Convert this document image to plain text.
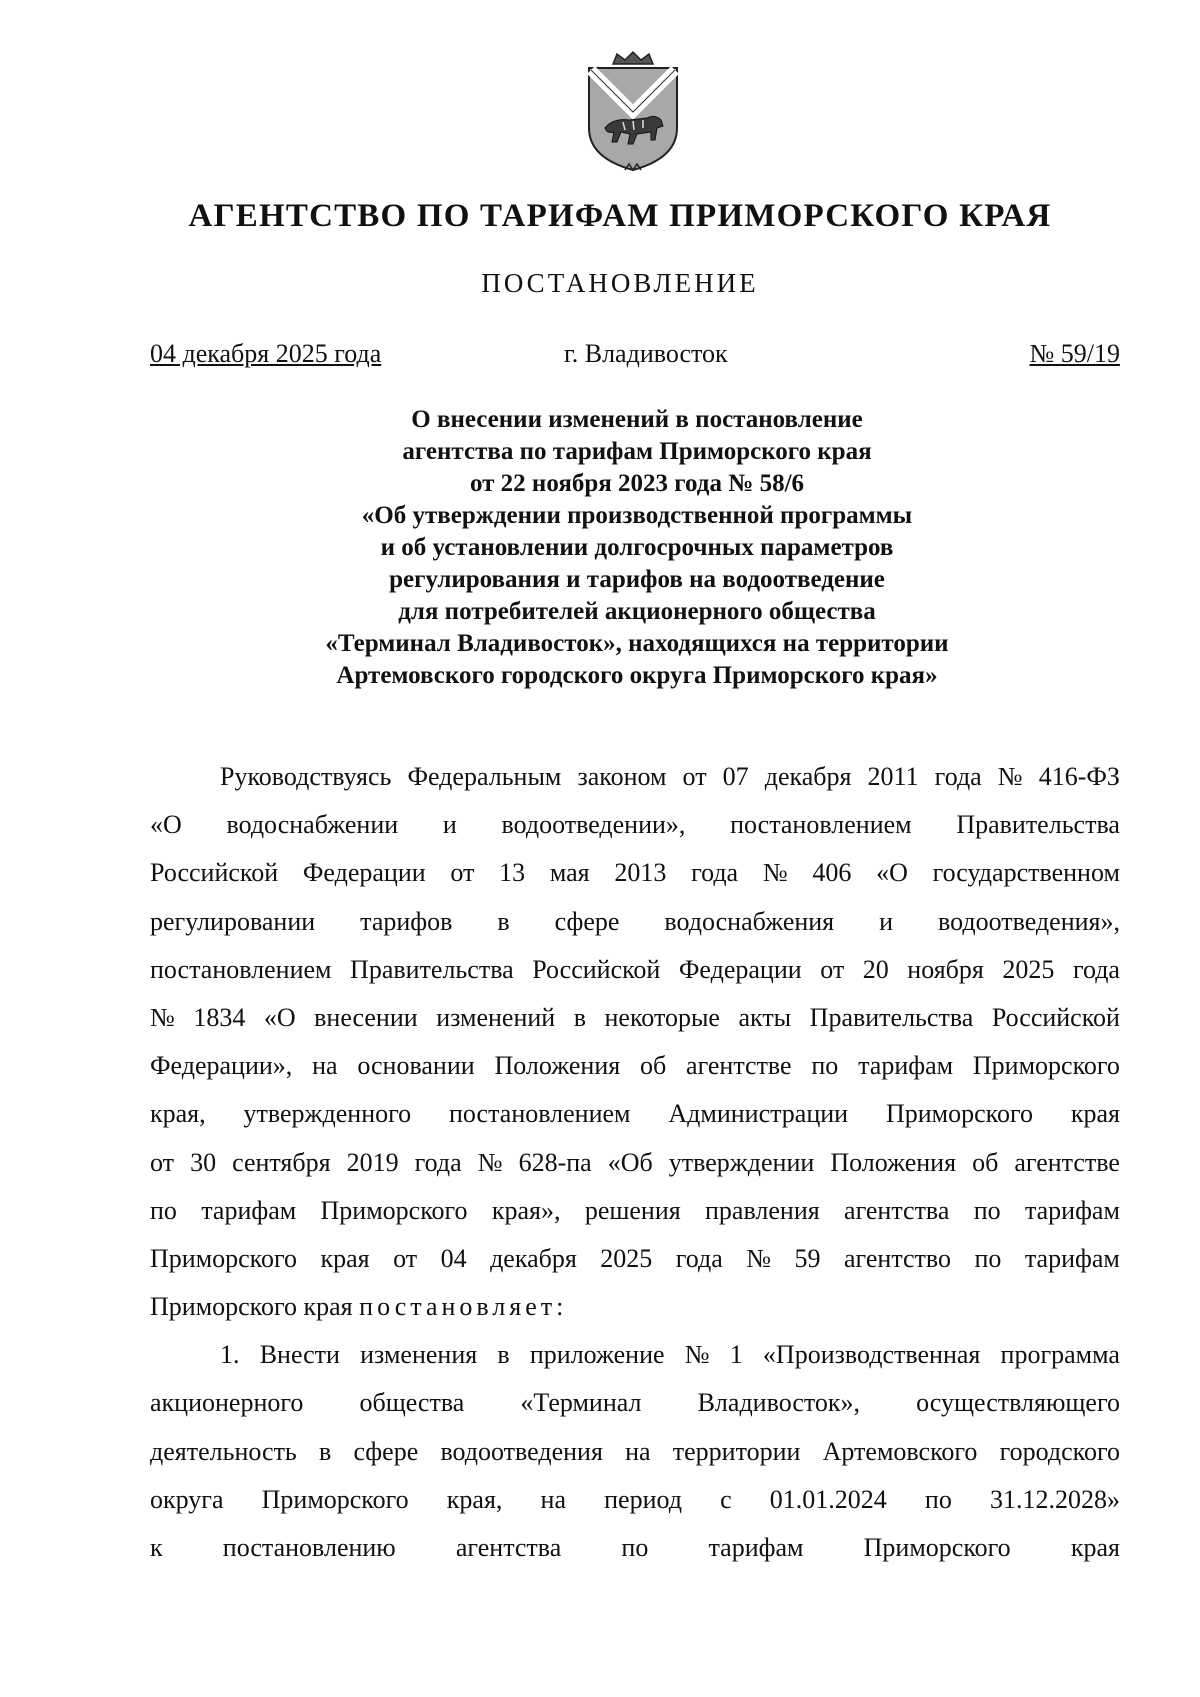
АГЕНТСТВО ПО ТАРИФАМ ПРИМОРСКОГО КРАЯ
ПОСТАНОВЛЕНИЕ
04 декабря 2025 года	г. Владивосток	№ 59/19
О внесении изменений в постановление
агентства по тарифам Приморского края
от 22 ноября 2023 года № 58/6
«Об утверждении производственной программы
и об установлении долгосрочных параметров
регулирования и тарифов на водоотведение
для потребителей акционерного общества
«Терминал Владивосток», находящихся на территории
Артемовского городского округа Приморского края»
Руководствуясь Федеральным законом от 07 декабря 2011 года № 416-ФЗ
«О водоснабжении и водоотведении», постановлением Правительства
Российской Федерации от 13 мая 2013 года № 406 «О государственном
регулировании тарифов в сфере водоснабжения и водоотведения»,
постановлением Правительства Российской Федерации от 20 ноября 2025 года
№ 1834 «О внесении изменений в некоторые акты Правительства Российской
Федерации», на основании Положения об агентстве по тарифам Приморского
края, утвержденного постановлением Администрации Приморского края
от 30 сентября 2019 года № 628-па «Об утверждении Положения об агентстве
по тарифам Приморского края», решения правления агентства по тарифам
Приморского края от 04 декабря 2025 года № 59 агентство по тарифам
Приморского края постановляет:
1. Внести изменения в приложение № 1 «Производственная программа
акционерного общества «Терминал Владивосток», осуществляющего
деятельность в сфере водоотведения на территории Артемовского городского
округа Приморского края, на период с 01.01.2024 по 31.12.2028»
к постановлению агентства по тарифам Приморского края
